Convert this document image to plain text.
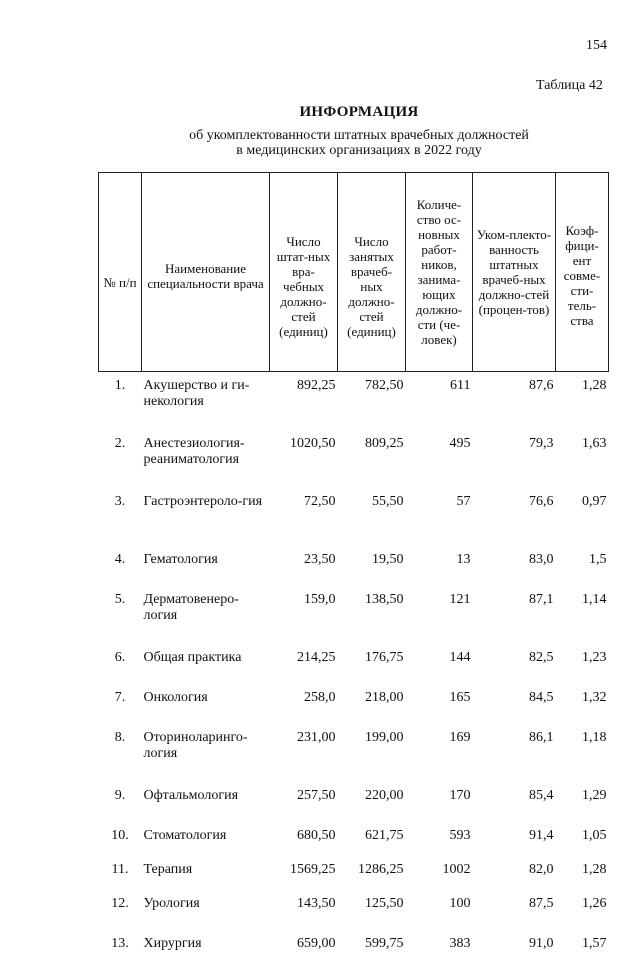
154
Таблица 42
ИНФОРМАЦИЯ
об укомплектованности штатных врачебных должностей
в медицинских организациях в 2022 году
№ п/п	Наименование специальности врача	Число штат-ных вра-чебных должно-стей (единиц)	Число занятых врачеб-ных должно-стей (единиц)	Количе-ство ос-новных работ-ников, занима-ющих должно-сти (че-ловек)	Уком-плекто-ванность штатных врачеб-ных должно-стей (процен-тов)	Коэф-фици-ент совме-сти-тель-ства
1.	Акушерство и ги-некология	892,25	782,50	611	87,6	1,28
2.	Анестезиология-реаниматология	1020,50	809,25	495	79,3	1,63
3.	Гастроэнтероло-гия	72,50	55,50	57	76,6	0,97
4.	Гематология	23,50	19,50	13	83,0	1,5
5.	Дерматовенеро-логия	159,0	138,50	121	87,1	1,14
6.	Общая практика	214,25	176,75	144	82,5	1,23
7.	Онкология	258,0	218,00	165	84,5	1,32
8.	Оториноларинго-логия	231,00	199,00	169	86,1	1,18
9.	Офтальмология	257,50	220,00	170	85,4	1,29
10.	Стоматология	680,50	621,75	593	91,4	1,05
11.	Терапия	1569,25	1286,25	1002	82,0	1,28
12.	Урология	143,50	125,50	100	87,5	1,26
13.	Хирургия	659,00	599,75	383	91,0	1,57
